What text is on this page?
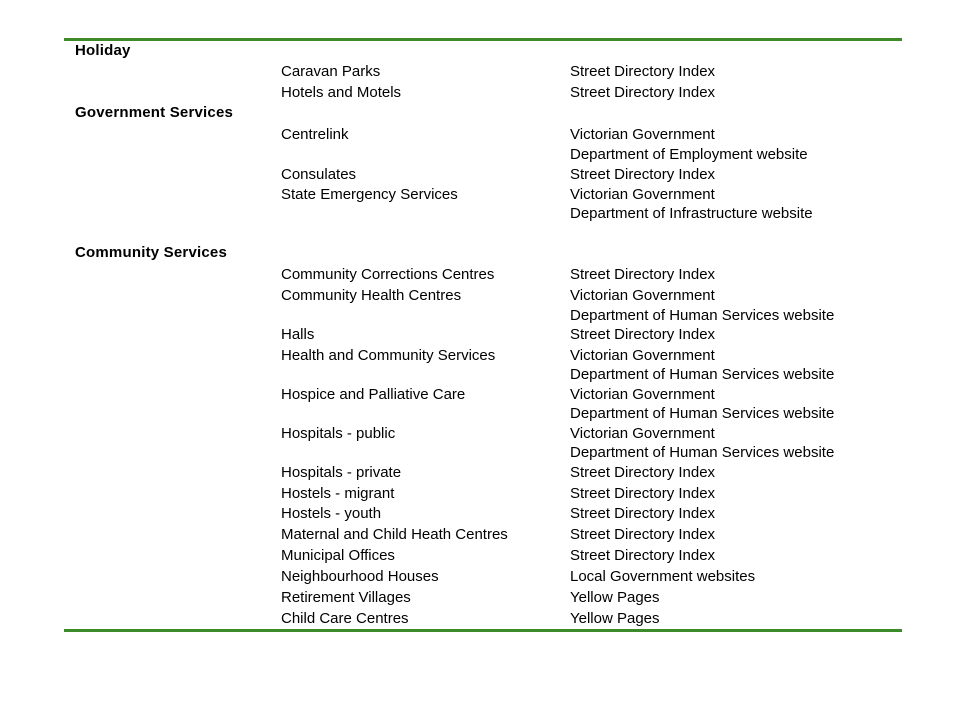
Holiday
Caravan Parks	Street Directory Index
Hotels and Motels	Street Directory Index
Government Services
Centrelink	Victorian Government
Department of Employment website
Consulates	Street Directory Index
State Emergency Services	Victorian Government
Department of Infrastructure website
Community Services
Community Corrections Centres	Street Directory Index
Community Health Centres	Victorian Government
Department of Human Services website
Halls	Street Directory Index
Health and Community Services	Victorian Government
Department of Human Services website
Hospice and Palliative Care	Victorian Government
Department of Human Services website
Hospitals - public	Victorian Government
Department of Human Services website
Hospitals - private	Street Directory Index
Hostels - migrant	Street Directory Index
Hostels - youth	Street Directory Index
Maternal and Child Heath Centres	Street Directory Index
Municipal Offices	Street Directory Index
Neighbourhood Houses	Local Government websites
Retirement Villages	Yellow Pages
Child Care Centres	Yellow Pages
